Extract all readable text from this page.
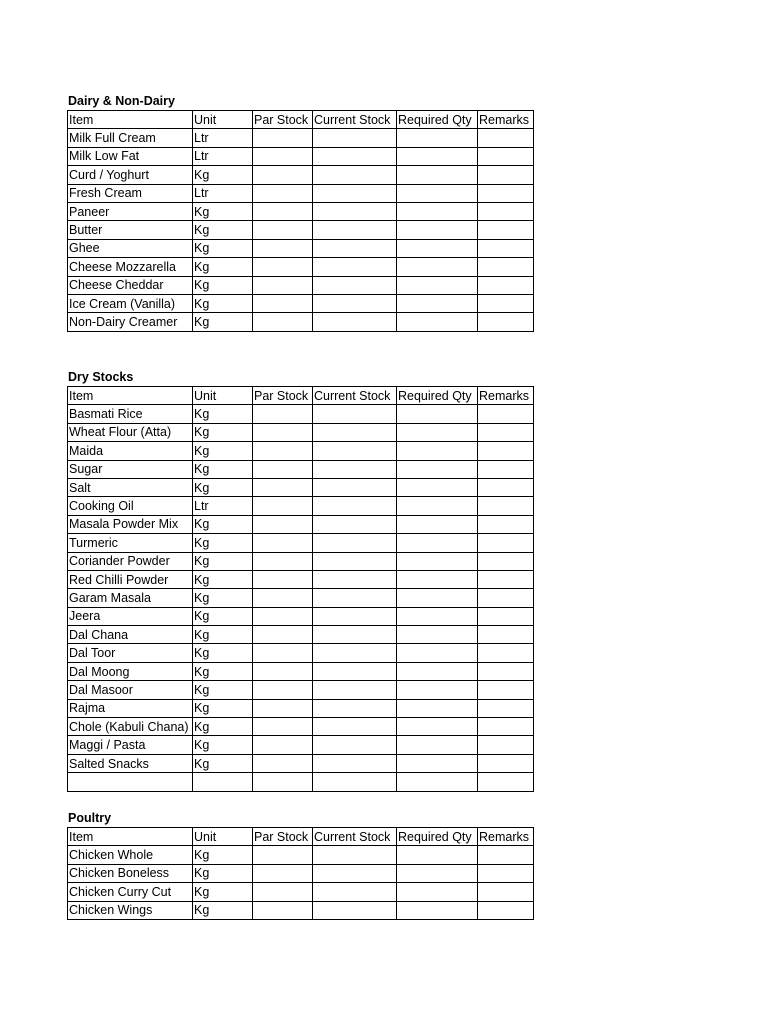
Dairy & Non-Dairy
Item	Unit	Par Stock	Current Stock	Required Qty	Remarks
Milk Full Cream	Ltr				
Milk Low Fat	Ltr				
Curd / Yoghurt	Kg				
Fresh Cream	Ltr				
Paneer	Kg				
Butter	Kg				
Ghee	Kg				
Cheese Mozzarella	Kg				
Cheese Cheddar	Kg				
Ice Cream (Vanilla)	Kg				
Non-Dairy Creamer	Kg				
Dry Stocks
Item	Unit	Par Stock	Current Stock	Required Qty	Remarks
Basmati Rice	Kg				
Wheat Flour (Atta)	Kg				
Maida	Kg				
Sugar	Kg				
Salt	Kg				
Cooking Oil	Ltr				
Masala Powder Mix	Kg				
Turmeric	Kg				
Coriander Powder	Kg				
Red Chilli Powder	Kg				
Garam Masala	Kg				
Jeera	Kg				
Dal Chana	Kg				
Dal Toor	Kg				
Dal Moong	Kg				
Dal Masoor	Kg				
Rajma	Kg				
Chole (Kabuli Chana)	Kg				
Maggi / Pasta	Kg				
Salted Snacks	Kg				

Poultry
Item	Unit	Par Stock	Current Stock	Required Qty	Remarks
Chicken Whole	Kg				
Chicken Boneless	Kg				
Chicken Curry Cut	Kg				
Chicken Wings	Kg				
